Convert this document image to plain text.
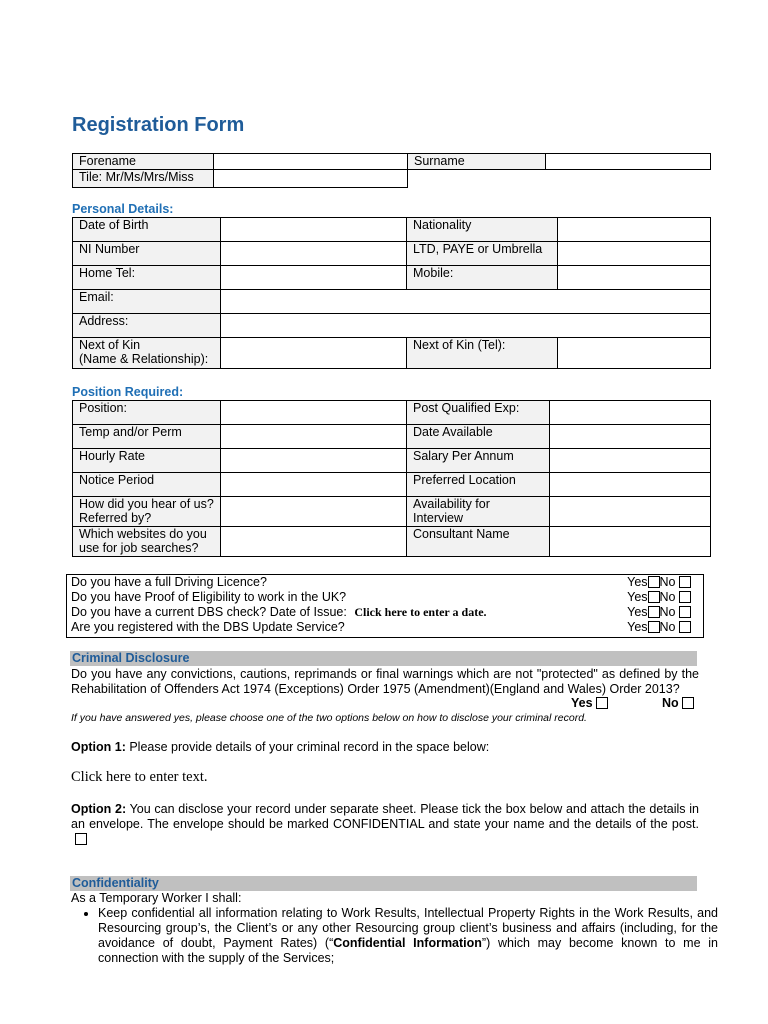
Registration Form
Forename		Surname	
Tile: Mr/Ms/Mrs/Miss			
Personal Details:
Date of Birth		Nationality	
NI Number		LTD, PAYE or Umbrella	
Home Tel:		Mobile:	
Email:			
Address:			
Next of Kin
(Name & Relationship):		Next of Kin (Tel):	
Position Required:
Position:		Post Qualified Exp:	
Temp and/or Perm		Date Available	
Hourly Rate		Salary Per Annum	
Notice Period		Preferred Location	
How did you hear of us?
Referred by?		Availability for
Interview	
Which websites do you
use for job searches?		Consultant Name	
Do you have a full Driving Licence?	Yes No
Do you have Proof of Eligibility to work in the UK?	Yes No
Do you have a current DBS check? Date of Issue: Click here to enter a date.	Yes No
Are you registered with the DBS Update Service?	Yes No
Criminal Disclosure
Do you have any convictions, cautions, reprimands or final warnings which are not "protected" as defined by the Rehabilitation of Offenders Act 1974 (Exceptions) Order 1975 (Amendment)(England and Wales) Order 2013?
Yes	No
If you have answered yes, please choose one of the two options below on how to disclose your criminal record.
Option 1: Please provide details of your criminal record in the space below:
Click here to enter text.
Option 2: You can disclose your record under separate sheet. Please tick the box below and attach the details in an envelope. The envelope should be marked CONFIDENTIAL and state your name and the details of the post.
Confidentiality
As a Temporary Worker I shall:
• Keep confidential all information relating to Work Results, Intellectual Property Rights in the Work Results, and Resourcing group’s, the Client’s or any other Resourcing group client’s business and affairs (including, for the avoidance of doubt, Payment Rates) (“Confidential Information”) which may become known to me in connection with the supply of the Services;
